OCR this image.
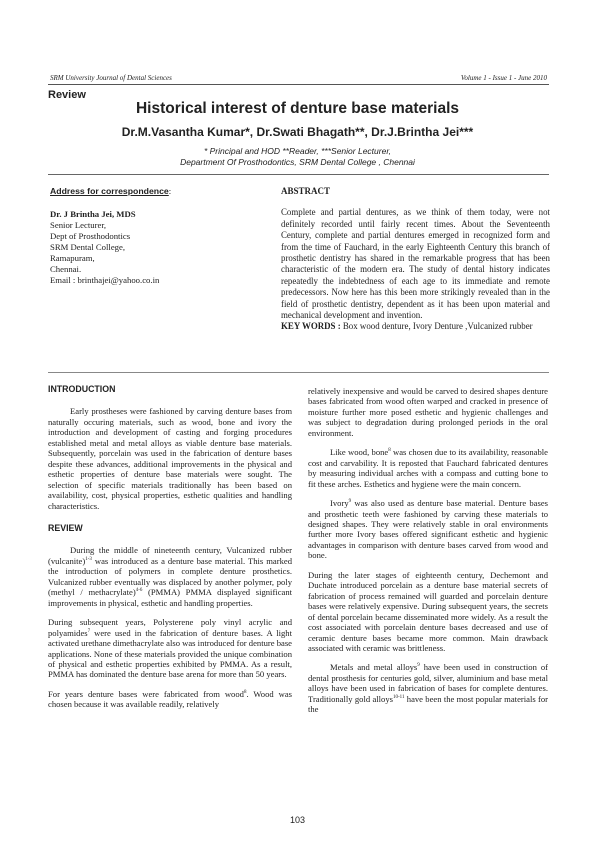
SRM University Journal of Dental Sciences	Volume 1 - Issue 1 - June 2010
Review
Historical interest of denture base materials
Dr.M.Vasantha Kumar*, Dr.Swati Bhagath**, Dr.J.Brintha Jei***
* Principal and HOD **Reader, ***Senior Lecturer,
Department Of Prosthodontics, SRM Dental College , Chennai
Address for correspondence:
Dr. J Brintha Jei, MDS
Senior Lecturer,
Dept of Prosthodontics
SRM Dental College,
Ramapuram,
Chennai.
Email : brinthajei@yahoo.co.in
ABSTRACT
Complete and partial dentures, as we think of them today, were not definitely recorded until fairly recent times. About the Seventeenth Century, complete and partial dentures emerged in recognized form and from the time of Fauchard, in the early Eighteenth Century this branch of prosthetic dentistry has shared in the remarkable progress that has been characteristic of the modern era. The study of dental history indicates repeatedly the indebtedness of each age to its immediate and remote predecessors. Now here has this been more strikingly revealed than in the field of prosthetic dentistry, dependent as it has been upon material and mechanical development and invention.
KEY WORDS : Box wood denture, Ivory Denture ,Vulcanized rubber
INTRODUCTION

Early prostheses were fashioned by carving denture bases from naturally occuring materials, such as wood, bone and ivory the introduction and development of casting and forging procedures established metal and metal alloys as viable denture base materials. Subsequently, porcelain was used in the fabrication of denture bases despite these advances, additional improvements in the physical and esthetic properties of denture base materials were sought. The selection of specific materials traditionally has been based on availability, cost, physical properties, esthetic qualities and handling characteristics.

REVIEW

During the middle of nineteenth century, Vulcanized rubber (vulcanite)$^{1-3}$ was introduced as a denture base material. This marked the introduction of polymers in complete denture prosthetics. Vulcanized rubber eventually was displaced by another polymer, poly (methyl / methacrylate)$^{4-6}$ (PMMA) PMMA displayed significant improvements in physical, esthetic and handling properties.

During subsequent years, Polysterene poly vinyl acrylic and polyamides$^7$ were used in the fabrication of denture bases. A light activated urethane dimethacrylate also was introduced for denture base applications. None of these materials provided the unique combination of physical and esthetic properties exhibited by PMMA. As a result, PMMA has dominated the denture base arena for more than 50 years.

For years denture bases were fabricated from wood$^8$. Wood was chosen because it was available readily, relatively

relatively inexpensive and would be carved to desired shapes denture bases fabricated from wood often warped and cracked in presence of moisture further more posed esthetic and hygienic challenges and was subject to degradation during prolonged periods in the oral environment.

Like wood, bone$^8$ was chosen due to its availability, reasonable cost and carvability. It is reposted that Fauchard fabricated dentures by measuring individual arches with a compass and cutting bone to fit these arches. Esthetics and hygiene were the main concern.

Ivory$^9$ was also used as denture base material. Denture bases and prosthetic teeth were fashioned by carving these materials to designed shapes. They were relatively stable in oral environments further more Ivory bases offered significant esthetic and hygienic advantages in comparison with denture bases carved from wood and bone.

During the later stages of eighteenth century, Dechemont and Duchate introduced porcelain as a denture base material secrets of fabrication of process remained will guarded and porcelain denture bases were relatively expensive. During subsequent years, the secrets of dental porcelain became disseminated more widely. As a result the cost associated with porcelain denture bases decreased and use of ceramic denture bases became more common. Main drawback associated with ceramic was brittleness.

Metals and metal alloys$^9$ have been used in construction of dental prosthesis for centuries gold, silver, aluminium and base metal alloys have been used in fabrication of bases for complete dentures. Traditionally gold alloys$^{10-11}$ have been the most popular materials for the

103
